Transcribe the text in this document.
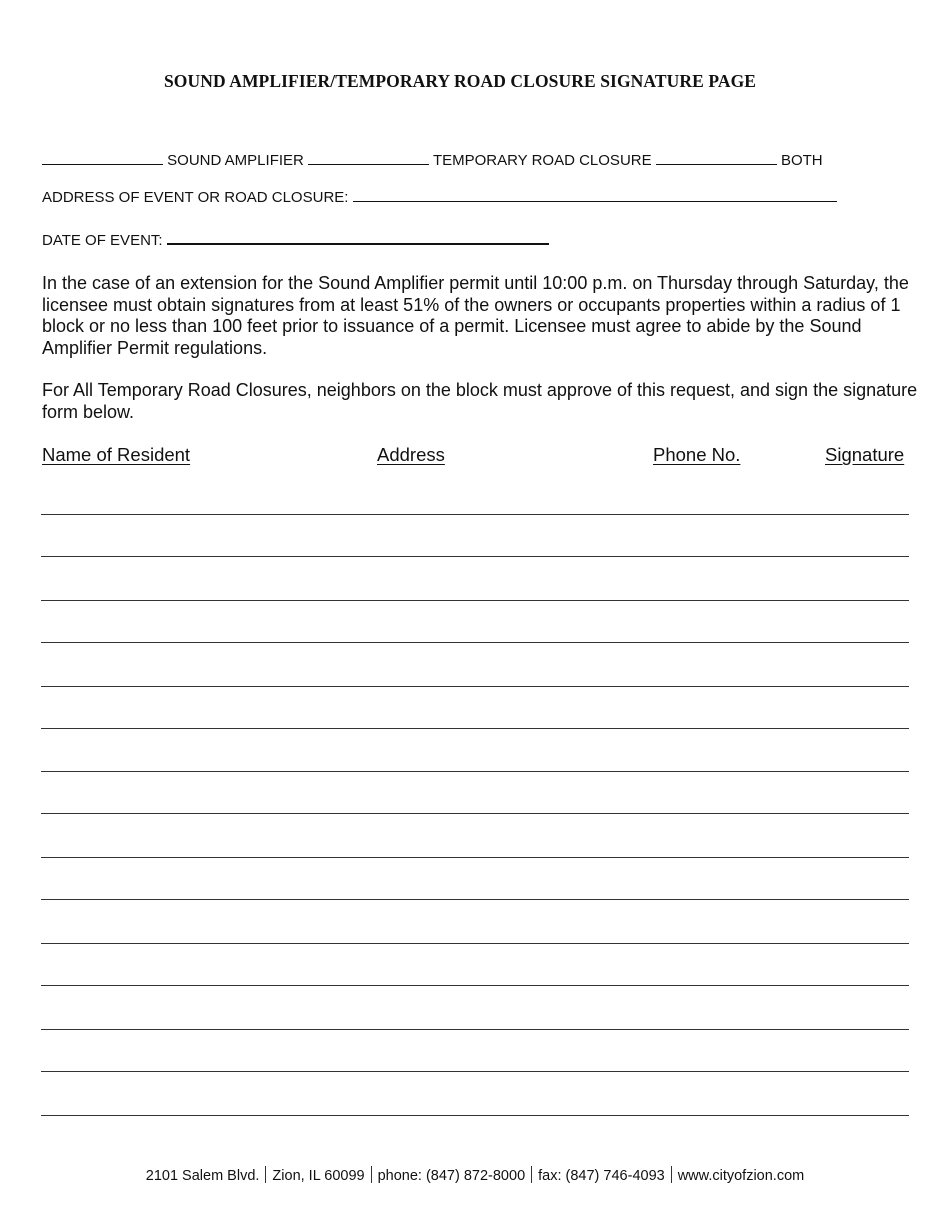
SOUND AMPLIFIER/TEMPORARY ROAD CLOSURE SIGNATURE PAGE
SOUND AMPLIFIER	TEMPORARY ROAD CLOSURE	BOTH
ADDRESS OF EVENT OR ROAD CLOSURE:
DATE OF EVENT:
In the case of an extension for the Sound Amplifier permit until 10:00 p.m. on Thursday through Saturday, the licensee must obtain signatures from at least 51% of the owners or occupants properties within a radius of 1 block or no less than 100 feet prior to issuance of a permit. Licensee must agree to abide by the Sound Amplifier Permit regulations.
For All Temporary Road Closures, neighbors on the block must approve of this request, and sign the signature form below.
Name of Resident	Address	Phone No.	Signature
2101 Salem Blvd. Zion, IL 60099 phone: (847) 872-8000 fax: (847) 746-4093 www.cityofzion.com
